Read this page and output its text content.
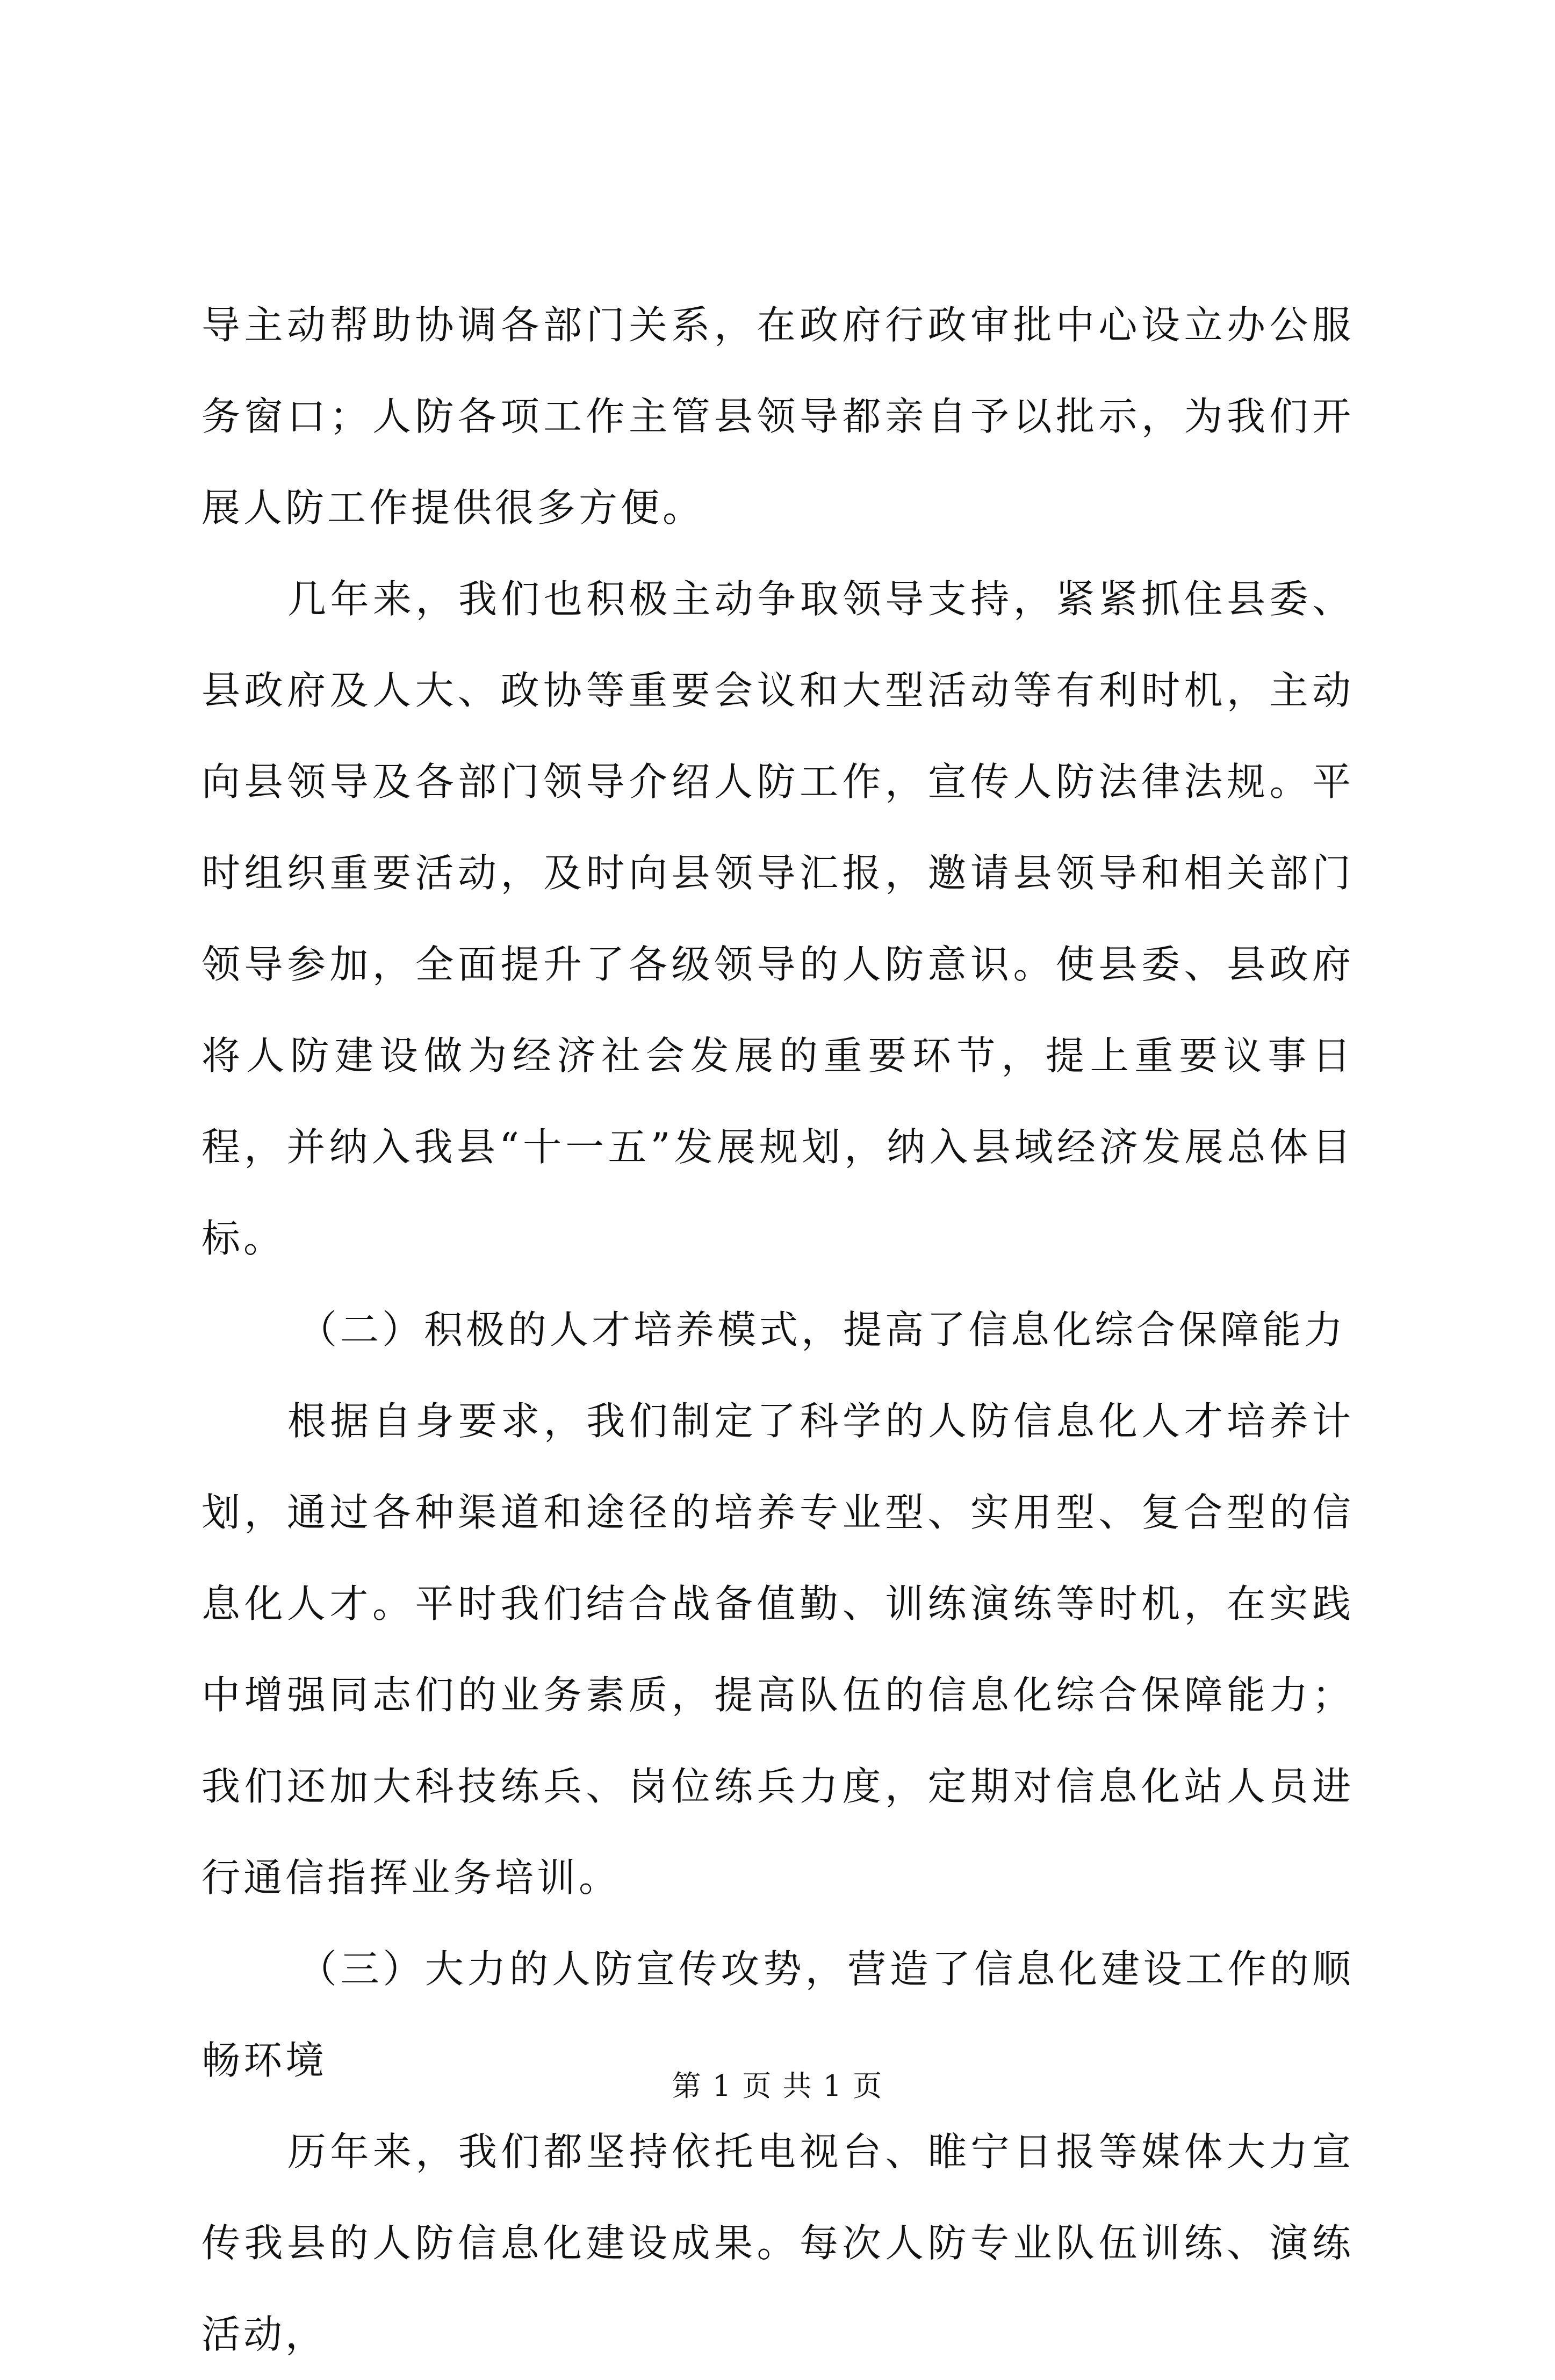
导主动帮助协调各部门关系，在政府行政审批中心设立办公服务窗口；人防各项工作主管县领导都亲自予以批示，为我们开展人防工作提供很多方便。

几年来，我们也积极主动争取领导支持，紧紧抓住县委、县政府及人大、政协等重要会议和大型活动等有利时机，主动向县领导及各部门领导介绍人防工作，宣传人防法律法规。平时组织重要活动，及时向县领导汇报，邀请县领导和相关部门领导参加，全面提升了各级领导的人防意识。使县委、县政府将人防建设做为经济社会发展的重要环节，提上重要议事日程，并纳入我县“十一五”发展规划，纳入县域经济发展总体目标。

（二）积极的人才培养模式，提高了信息化综合保障能力

根据自身要求，我们制定了科学的人防信息化人才培养计划，通过各种渠道和途径的培养专业型、实用型、复合型的信息化人才。平时我们结合战备值勤、训练演练等时机，在实践中增强同志们的业务素质，提高队伍的信息化综合保障能力；我们还加大科技练兵、岗位练兵力度，定期对信息化站人员进行通信指挥业务培训。

（三）大力的人防宣传攻势，营造了信息化建设工作的顺畅环境

历年来，我们都坚持依托电视台、睢宁日报等媒体大力宣传我县的人防信息化建设成果。每次人防专业队伍训练、演练活动，

第 1 页 共 1 页
